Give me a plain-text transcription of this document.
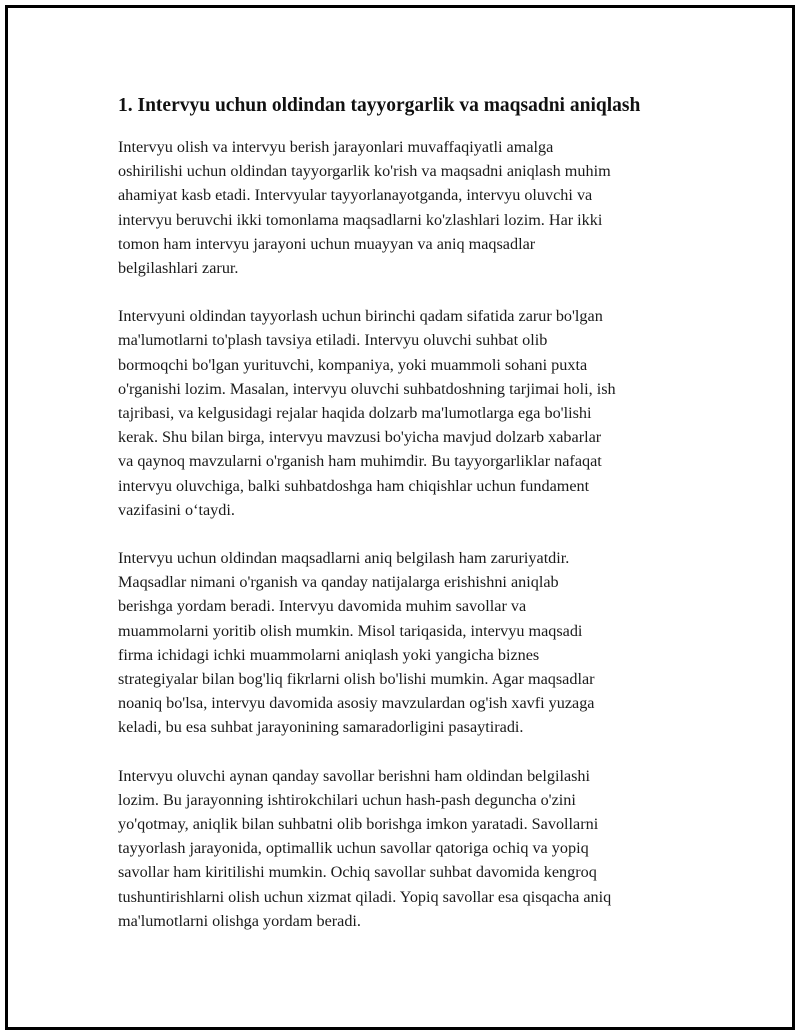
1. Intervyu uchun oldindan tayyorgarlik va maqsadni aniqlash

Intervyu olish va intervyu berish jarayonlari muvaffaqiyatli amalga
oshirilishi uchun oldindan tayyorgarlik ko'rish va maqsadni aniqlash muhim
ahamiyat kasb etadi. Intervyular tayyorlanayotganda, intervyu oluvchi va
intervyu beruvchi ikki tomonlama maqsadlarni ko'zlashlari lozim. Har ikki
tomon ham intervyu jarayoni uchun muayyan va aniq maqsadlar
belgilashlari zarur.

Intervyuni oldindan tayyorlash uchun birinchi qadam sifatida zarur bo'lgan
ma'lumotlarni to'plash tavsiya etiladi. Intervyu oluvchi suhbat olib
bormoqchi bo'lgan yurituvchi, kompaniya, yoki muammoli sohani puxta
o'rganishi lozim. Masalan, intervyu oluvchi suhbatdoshning tarjimai holi, ish
tajribasi, va kelgusidagi rejalar haqida dolzarb ma'lumotlarga ega bo'lishi
kerak. Shu bilan birga, intervyu mavzusi bo'yicha mavjud dolzarb xabarlar
va qaynoq mavzularni o'rganish ham muhimdir. Bu tayyorgarliklar nafaqat
intervyu oluvchiga, balki suhbatdoshga ham chiqishlar uchun fundament
vazifasini o‘taydi.

Intervyu uchun oldindan maqsadlarni aniq belgilash ham zaruriyatdir.
Maqsadlar nimani o'rganish va qanday natijalarga erishishni aniqlab
berishga yordam beradi. Intervyu davomida muhim savollar va
muammolarni yoritib olish mumkin. Misol tariqasida, intervyu maqsadi
firma ichidagi ichki muammolarni aniqlash yoki yangicha biznes
strategiyalar bilan bog'liq fikrlarni olish bo'lishi mumkin. Agar maqsadlar
noaniq bo'lsa, intervyu davomida asosiy mavzulardan og'ish xavfi yuzaga
keladi, bu esa suhbat jarayonining samaradorligini pasaytiradi.

Intervyu oluvchi aynan qanday savollar berishni ham oldindan belgilashi
lozim. Bu jarayonning ishtirokchilari uchun hash-pash deguncha o'zini
yo'qotmay, aniqlik bilan suhbatni olib borishga imkon yaratadi. Savollarni
tayyorlash jarayonida, optimallik uchun savollar qatoriga ochiq va yopiq
savollar ham kiritilishi mumkin. Ochiq savollar suhbat davomida kengroq
tushuntirishlarni olish uchun xizmat qiladi. Yopiq savollar esa qisqacha aniq
ma'lumotlarni olishga yordam beradi.
